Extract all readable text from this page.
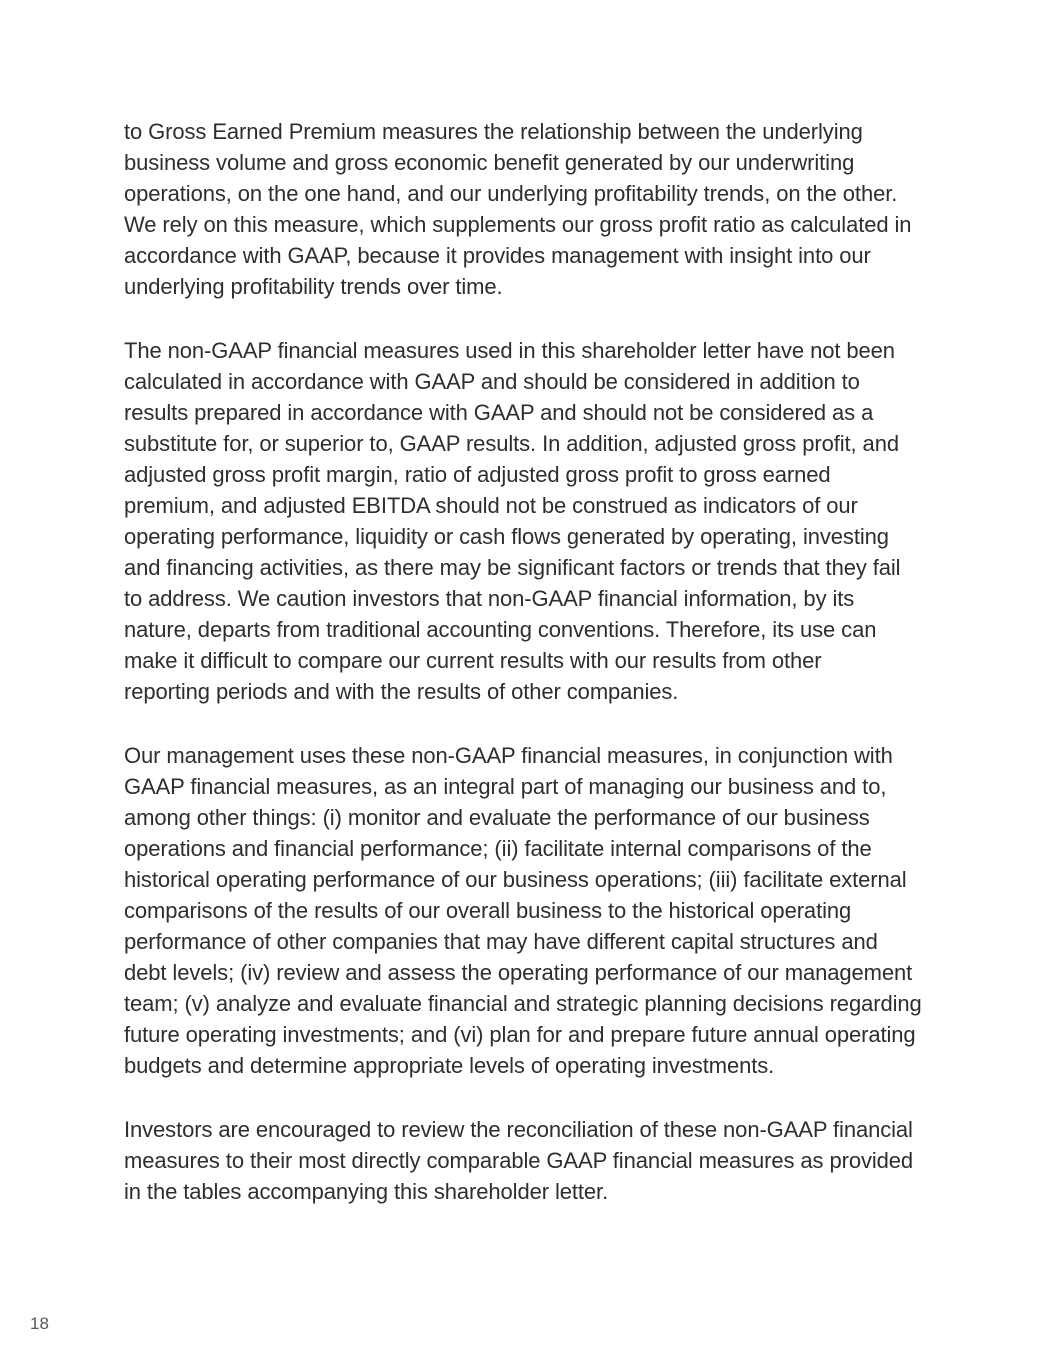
to Gross Earned Premium measures the relationship between the underlying
business volume and gross economic benefit generated by our underwriting
operations, on the one hand, and our underlying profitability trends, on the other.
We rely on this measure, which supplements our gross profit ratio as calculated in
accordance with GAAP, because it provides management with insight into our
underlying profitability trends over time.

The non-GAAP financial measures used in this shareholder letter have not been
calculated in accordance with GAAP and should be considered in addition to
results prepared in accordance with GAAP and should not be considered as a
substitute for, or superior to, GAAP results. In addition, adjusted gross profit, and
adjusted gross profit margin, ratio of adjusted gross profit to gross earned
premium, and adjusted EBITDA should not be construed as indicators of our
operating performance, liquidity or cash flows generated by operating, investing
and financing activities, as there may be significant factors or trends that they fail
to address. We caution investors that non-GAAP financial information, by its
nature, departs from traditional accounting conventions. Therefore, its use can
make it difficult to compare our current results with our results from other
reporting periods and with the results of other companies.

Our management uses these non-GAAP financial measures, in conjunction with
GAAP financial measures, as an integral part of managing our business and to,
among other things: (i) monitor and evaluate the performance of our business
operations and financial performance; (ii) facilitate internal comparisons of the
historical operating performance of our business operations; (iii) facilitate external
comparisons of the results of our overall business to the historical operating
performance of other companies that may have different capital structures and
debt levels; (iv) review and assess the operating performance of our management
team; (v) analyze and evaluate financial and strategic planning decisions regarding
future operating investments; and (vi) plan for and prepare future annual operating
budgets and determine appropriate levels of operating investments.

Investors are encouraged to review the reconciliation of these non-GAAP financial
measures to their most directly comparable GAAP financial measures as provided
in the tables accompanying this shareholder letter.

18
